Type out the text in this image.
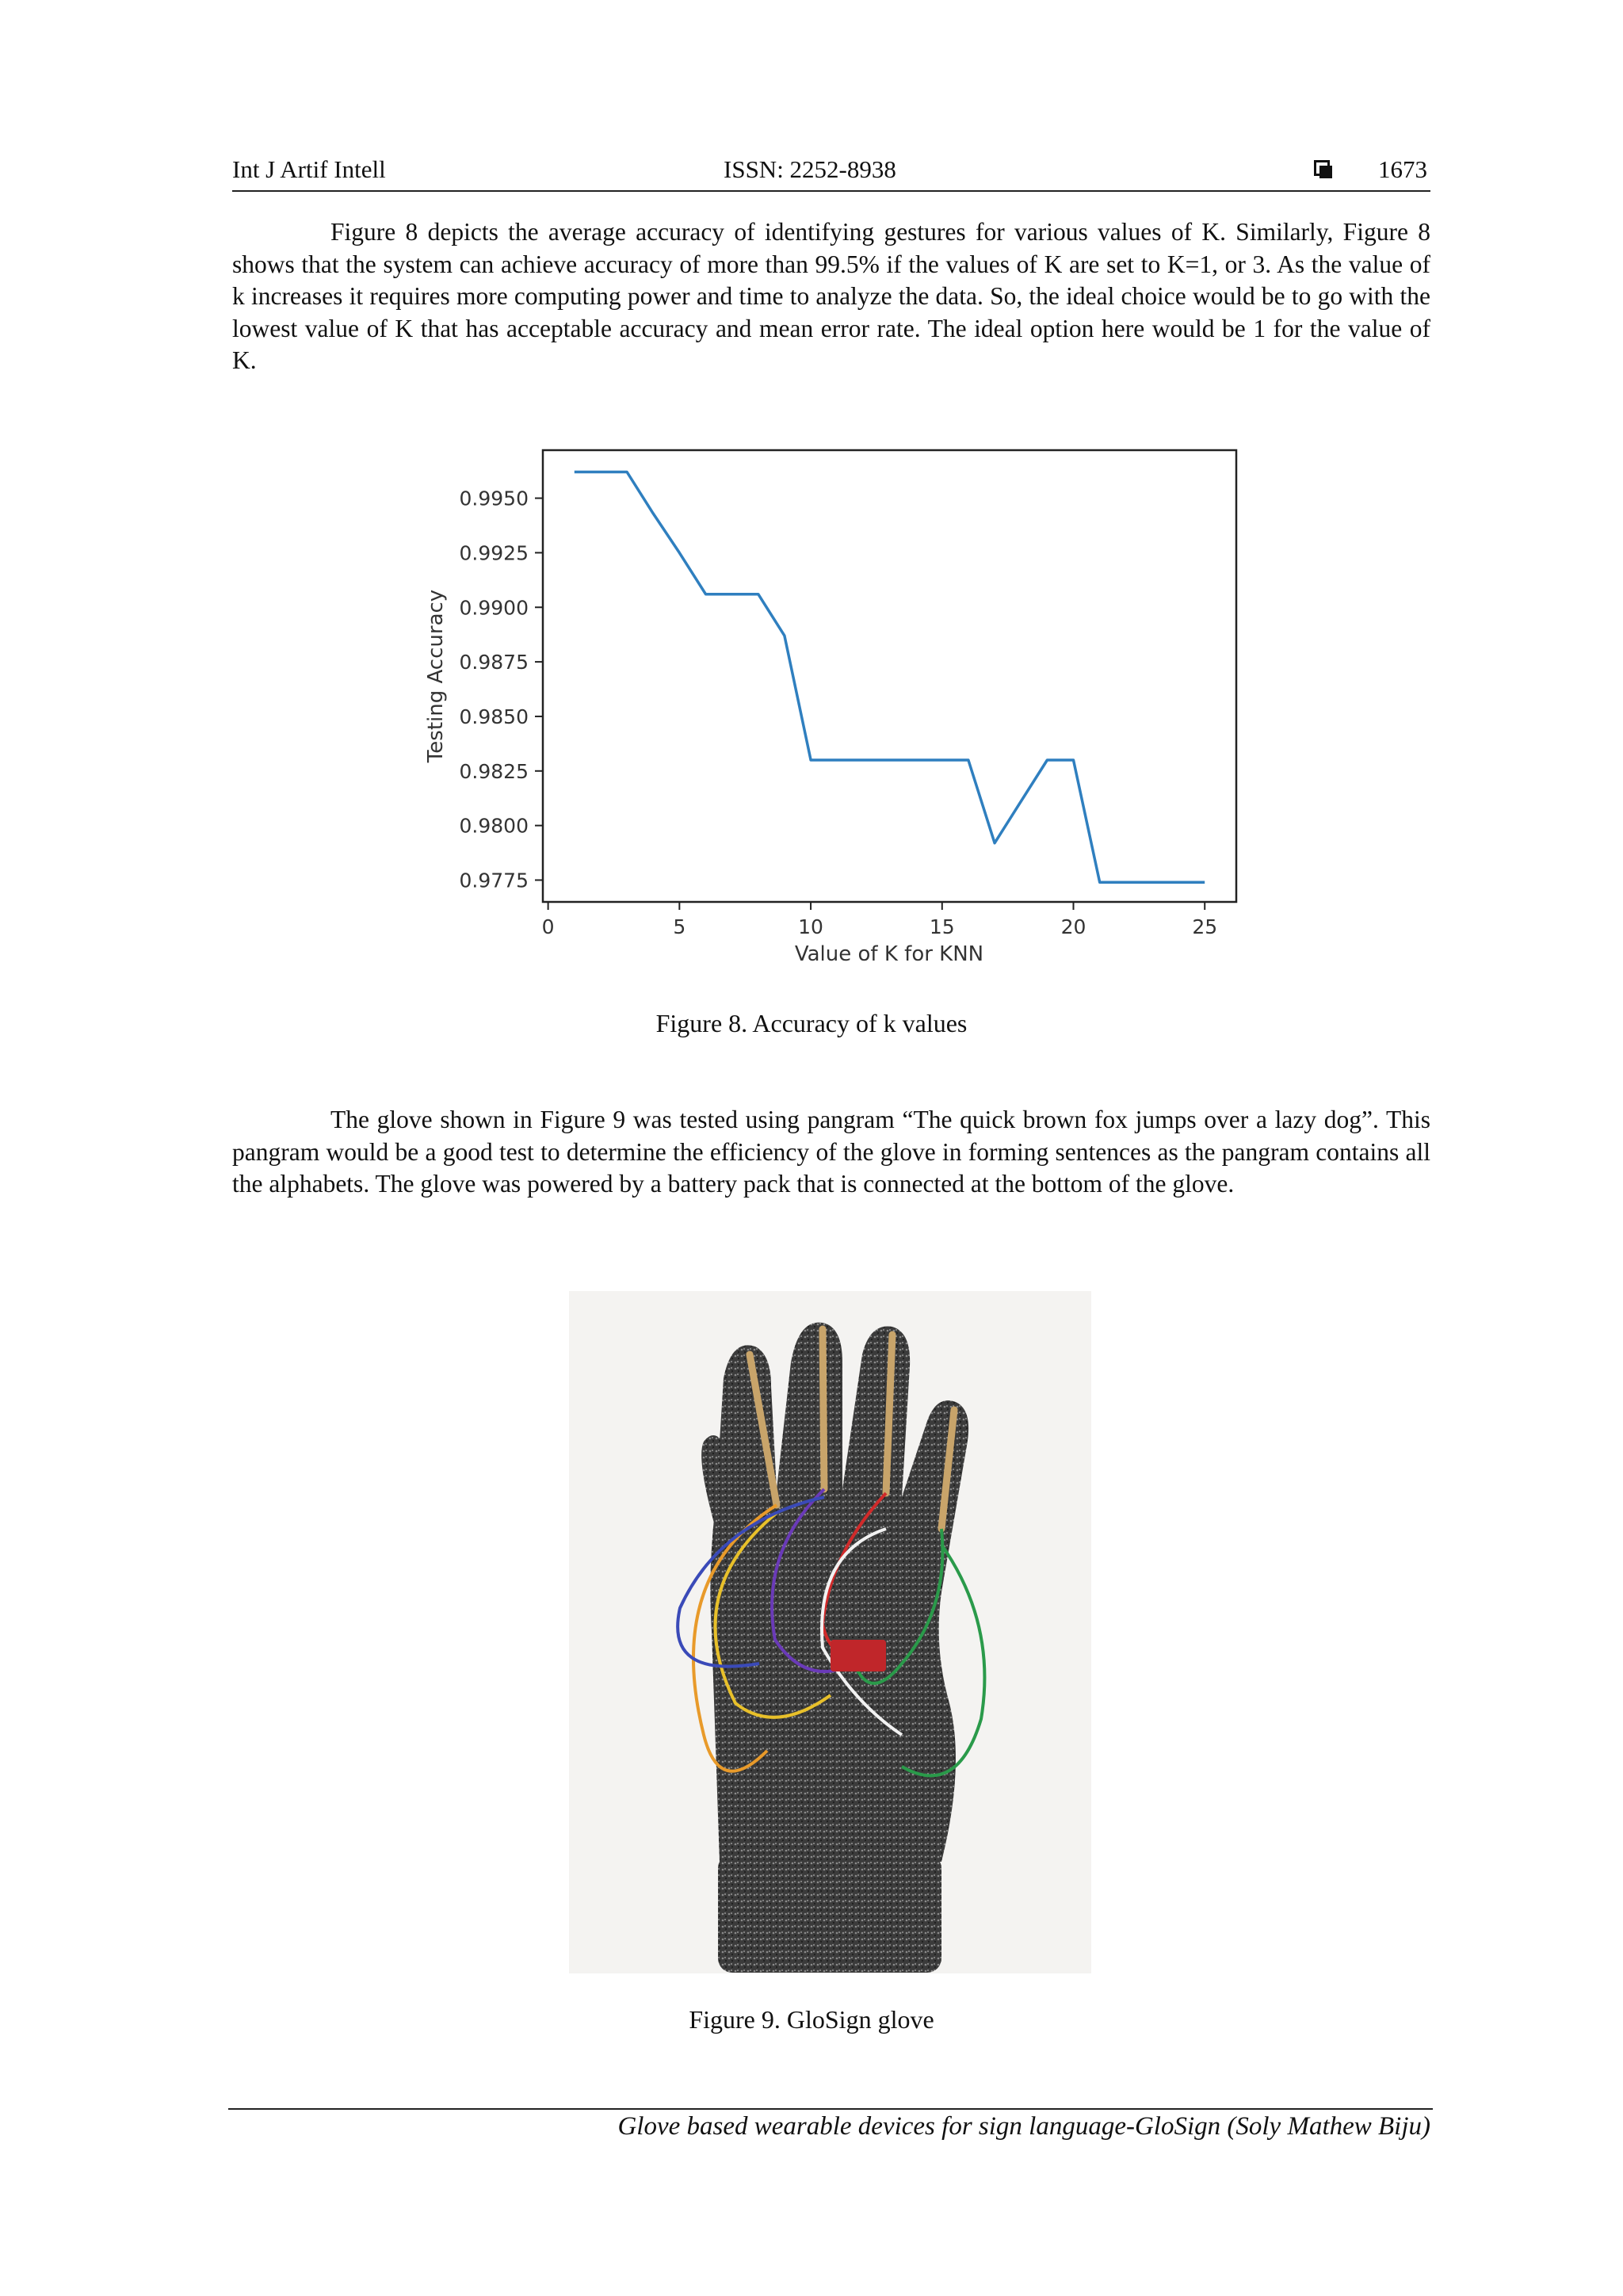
Int J Artif Intell	ISSN: 2252-8938	1673

Figure 8 depicts the average accuracy of identifying gestures for various values of K. Similarly, Figure 8 shows that the system can achieve accuracy of more than 99.5% if the values of K are set to K=1, or 3. As the value of k increases it requires more computing power and time to analyze the data. So, the ideal choice would be to go with the lowest value of K that has acceptable accuracy and mean error rate. The ideal option here would be 1 for the value of K.

0.9775
0.9800
0.9825
0.9850
0.9875
0.9900
0.9925
0.9950
0	5	10	15	20	25
Testing Accuracy
Value of K for KNN
Figure 8. Accuracy of k values

The glove shown in Figure 9 was tested using pangram “The quick brown fox jumps over a lazy dog”. This pangram would be a good test to determine the efficiency of the glove in forming sentences as the pangram contains all the alphabets. The glove was powered by a battery pack that is connected at the bottom of the glove.

Figure 9. GloSign glove
Glove based wearable devices for sign language-GloSign (Soly Mathew Biju)
